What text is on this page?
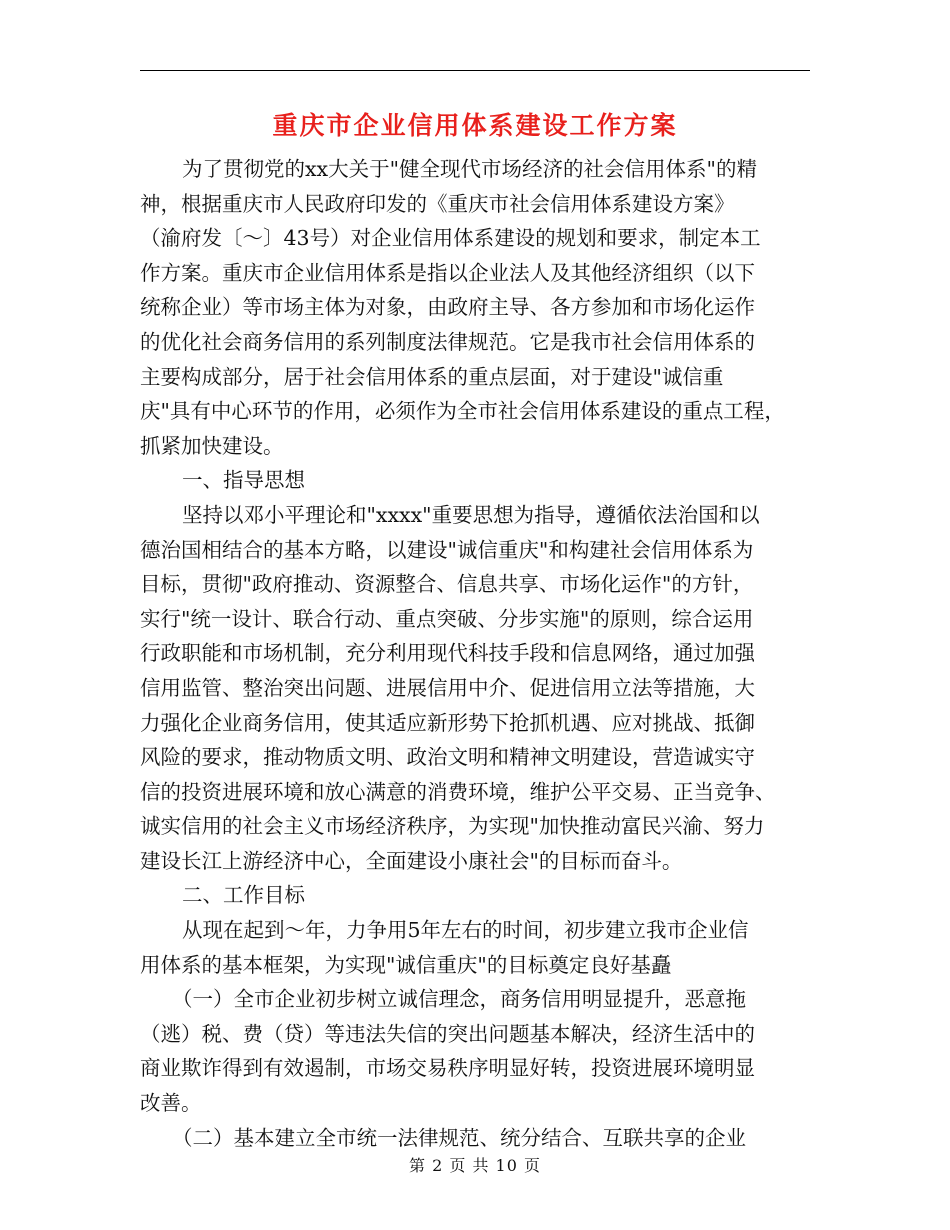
重庆市企业信用体系建设工作方案
为了贯彻党的xx大关于"健全现代市场经济的社会信用体系"的精
神，根据重庆市人民政府印发的《重庆市社会信用体系建设方案》
（渝府发〔～〕43号）对企业信用体系建设的规划和要求，制定本工
作方案。重庆市企业信用体系是指以企业法人及其他经济组织（以下
统称企业）等市场主体为对象，由政府主导、各方参加和市场化运作
的优化社会商务信用的系列制度法律规范。它是我市社会信用体系的
主要构成部分，居于社会信用体系的重点层面，对于建设"诚信重
庆"具有中心环节的作用，必须作为全市社会信用体系建设的重点工程，
抓紧加快建设。
一、指导思想
坚持以邓小平理论和"xxxx"重要思想为指导，遵循依法治国和以
德治国相结合的基本方略，以建设"诚信重庆"和构建社会信用体系为
目标，贯彻"政府推动、资源整合、信息共享、市场化运作"的方针，
实行"统一设计、联合行动、重点突破、分步实施"的原则，综合运用
行政职能和市场机制，充分利用现代科技手段和信息网络，通过加强
信用监管、整治突出问题、进展信用中介、促进信用立法等措施，大
力强化企业商务信用，使其适应新形势下抢抓机遇、应对挑战、抵御
风险的要求，推动物质文明、政治文明和精神文明建设，营造诚实守
信的投资进展环境和放心满意的消费环境，维护公平交易、正当竞争、
诚实信用的社会主义市场经济秩序，为实现"加快推动富民兴渝、努力
建设长江上游经济中心，全面建设小康社会"的目标而奋斗。
二、工作目标
从现在起到～年，力争用5年左右的时间，初步建立我市企业信
用体系的基本框架，为实现"诚信重庆"的目标奠定良好基矗
（一）全市企业初步树立诚信理念，商务信用明显提升，恶意拖
（逃）税、费（贷）等违法失信的突出问题基本解决，经济生活中的
商业欺诈得到有效遏制，市场交易秩序明显好转，投资进展环境明显
改善。
（二）基本建立全市统一法律规范、统分结合、互联共享的企业
第 2 页 共 10 页
